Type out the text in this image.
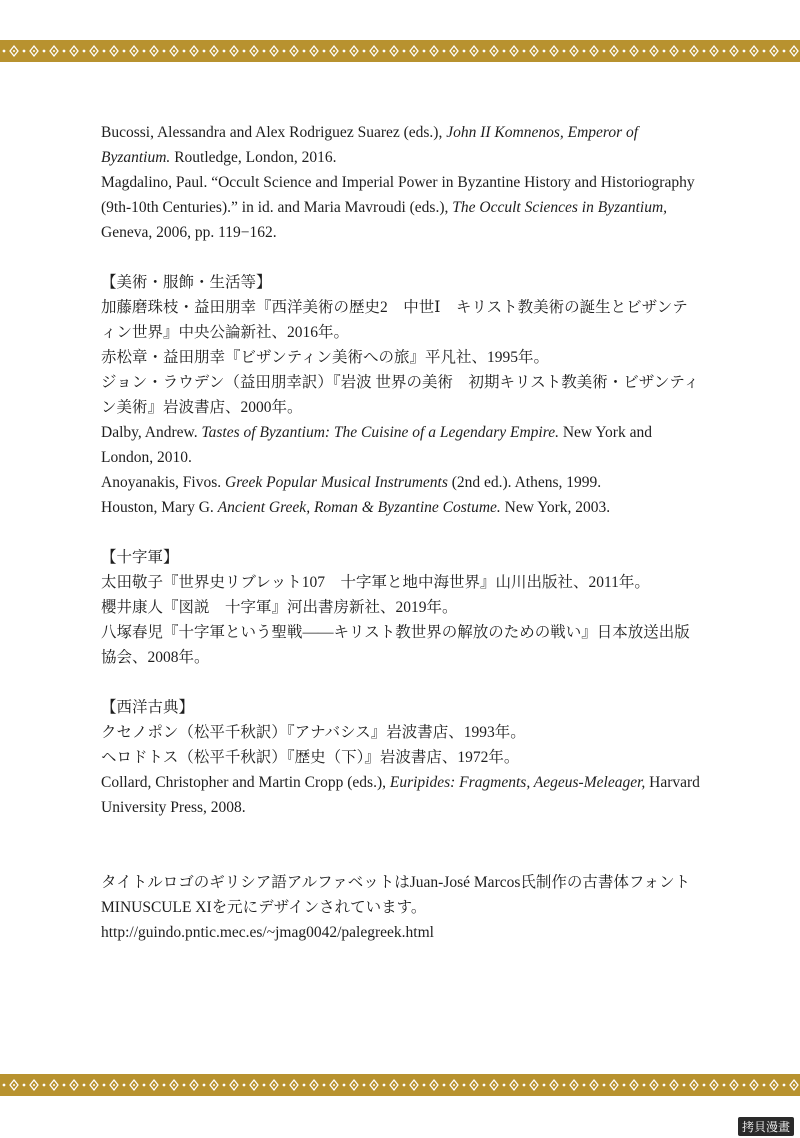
Bucossi, Alessandra and Alex Rodriguez Suarez (eds.), John II Komnenos, Emperor of Byzantium. Routledge, London, 2016.

Magdalino, Paul. “Occult Science and Imperial Power in Byzantine History and Historiography (9th-10th Centuries).” in id. and Maria Mavroudi (eds.), The Occult Sciences in Byzantium, Geneva, 2006, pp. 119−162.

【美術・服飾・生活等】

加藤磨珠枝・益田朋幸『西洋美術の歴史2　中世Ⅰ　キリスト教美術の誕生とビザンティン世界』中央公論新社、2016年。

赤松章・益田朋幸『ビザンティン美術への旅』平凡社、1995年。

ジョン・ラウデン（益田朋幸訳）『岩波 世界の美術　初期キリスト教美術・ビザンティン美術』岩波書店、2000年。

Dalby, Andrew. Tastes of Byzantium: The Cuisine of a Legendary Empire. New York and London, 2010.

Anoyanakis, Fivos. Greek Popular Musical Instruments (2nd ed.). Athens, 1999.

Houston, Mary G. Ancient Greek, Roman & Byzantine Costume. New York, 2003.

【十字軍】

太田敬子『世界史リブレット107　十字軍と地中海世界』山川出版社、2011年。

櫻井康人『図説　十字軍』河出書房新社、2019年。

八塚春児『十字軍という聖戦——キリスト教世界の解放のための戦い』日本放送出版協会、2008年。

【西洋古典】

クセノポン（松平千秋訳）『アナバシス』岩波書店、1993年。

ヘロドトス（松平千秋訳）『歴史（下）』岩波書店、1972年。

Collard, Christopher and Martin Cropp (eds.), Euripides: Fragments, Aegeus-Meleager, Harvard University Press, 2008.

タイトルロゴのギリシア語アルファベットはJuan-José Marcos氏制作の古書体フォントMINUSCULE XIを元にデザインされています。

http://guindo.pntic.mec.es/~jmag0042/palegreek.html

拷貝漫畫
